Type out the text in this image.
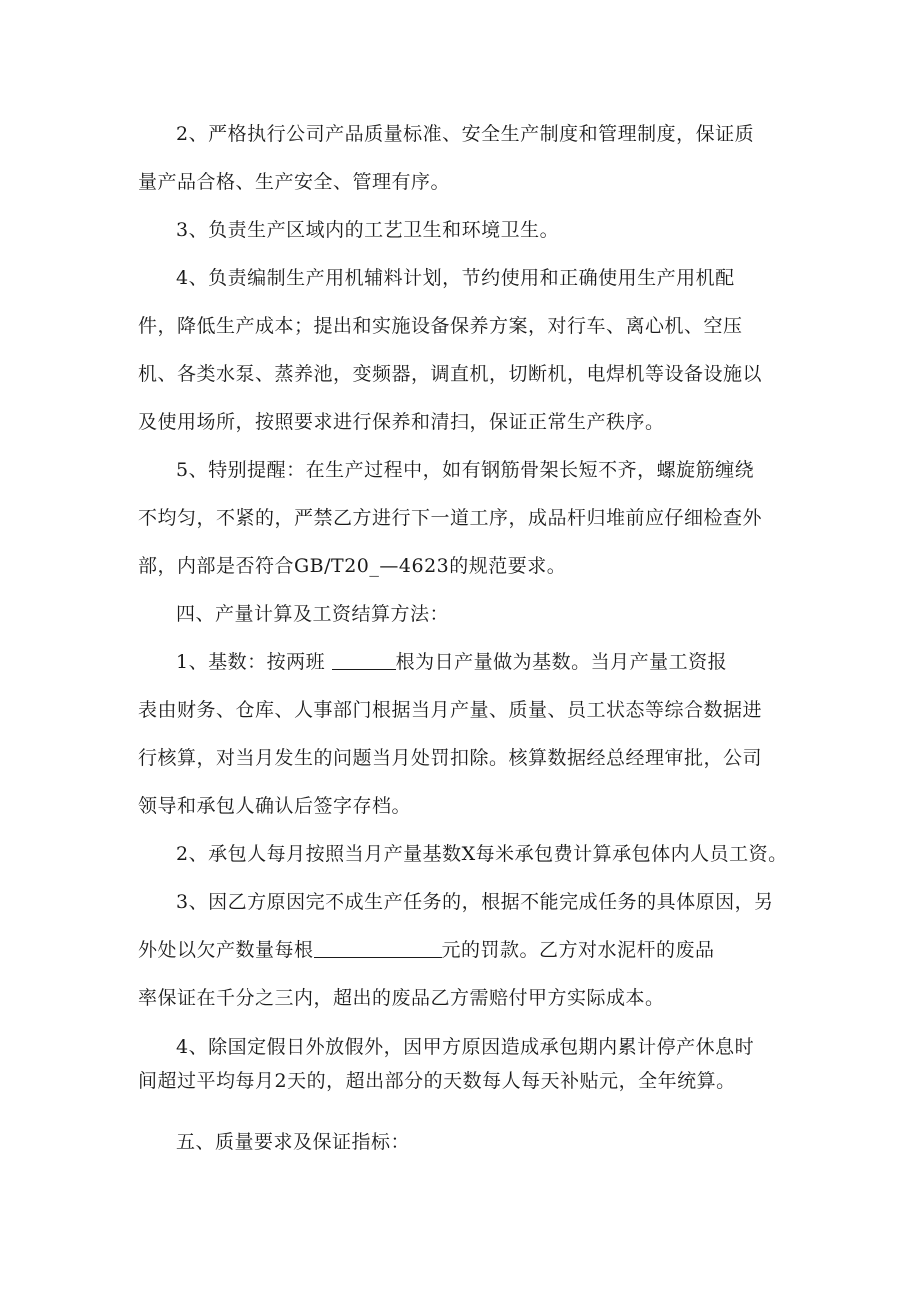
2、严格执行公司产品质量标准、安全生产制度和管理制度，保证质
量产品合格、生产安全、管理有序。
3、负责生产区域内的工艺卫生和环境卫生。
4、负责编制生产用机辅料计划，节约使用和正确使用生产用机配
件，降低生产成本；提出和实施设备保养方案，对行车、离心机、空压
机、各类水泵、蒸养池，变频器，调直机，切断机，电焊机等设备设施以
及使用场所，按照要求进行保养和清扫，保证正常生产秩序。
5、特别提醒：在生产过程中，如有钢筋骨架长短不齐，螺旋筋缠绕
不均匀，不紧的，严禁乙方进行下一道工序，成品杆归堆前应仔细检查外
部，内部是否符合GB/T20_—4623的规范要求。
四、产量计算及工资结算方法：
1、基数：按两班	根为日产量做为基数。当月产量工资报
表由财务、仓库、人事部门根据当月产量、质量、员工状态等综合数据进
行核算，对当月发生的问题当月处罚扣除。核算数据经总经理审批，公司
领导和承包人确认后签字存档。
2、承包人每月按照当月产量基数X每米承包费计算承包体内人员工资。
3、因乙方原因完不成生产任务的，根据不能完成任务的具体原因，另
外处以欠产数量每根	元的罚款。乙方对水泥杆的废品
率保证在千分之三内，超出的废品乙方需赔付甲方实际成本。
4、除国定假日外放假外，因甲方原因造成承包期内累计停产休息时
间超过平均每月2天的，超出部分的天数每人每天补贴元，全年统算。
五、质量要求及保证指标：
